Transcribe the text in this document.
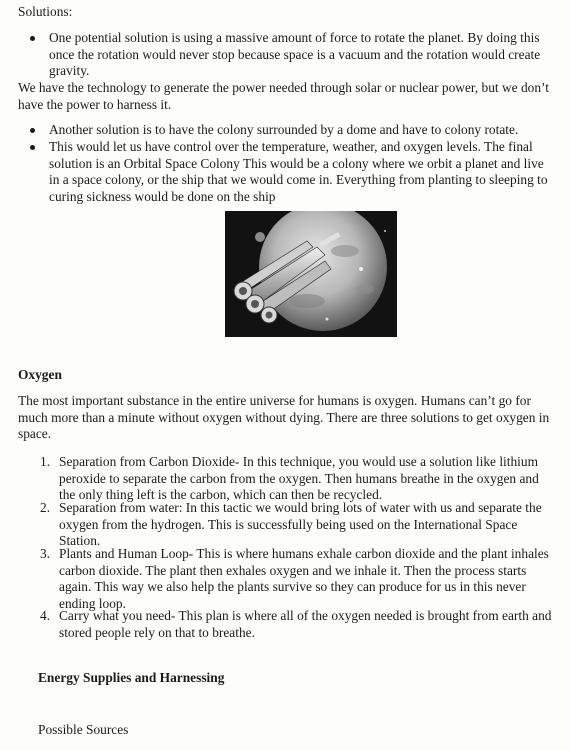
Solutions:

One potential solution is using a massive amount of force to rotate the planet. By doing this once the rotation would never stop because space is a vacuum and the rotation would create gravity.

We have the technology to generate the power needed through solar or nuclear power, but we don’t have the power to harness it.

Another solution is to have the colony surrounded by a dome and have to colony rotate.
This would let us have control over the temperature, weather, and oxygen levels. The final solution is an Orbital Space Colony This would be a colony where we orbit a planet and live in a space colony, or the ship that we would come in. Everything from planting to sleeping to curing sickness would be done on the ship

Oxygen

The most important substance in the entire universe for humans is oxygen. Humans can’t go for much more than a minute without oxygen without dying. There are three solutions to get oxygen in space.

1. Separation from Carbon Dioxide- In this technique, you would use a solution like lithium peroxide to separate the carbon from the oxygen. Then humans breathe in the oxygen and the only thing left is the carbon, which can then be recycled.
2. Separation from water: In this tactic we would bring lots of water with us and separate the oxygen from the hydrogen. This is successfully being used on the International Space Station.
3. Plants and Human Loop- This is where humans exhale carbon dioxide and the plant inhales carbon dioxide. The plant then exhales oxygen and we inhale it. Then the process starts again. This way we also help the plants survive so they can produce for us in this never ending loop.
4. Carry what you need- This plan is where all of the oxygen needed is brought from earth and stored people rely on that to breathe.

Energy Supplies and Harnessing

Possible Sources
